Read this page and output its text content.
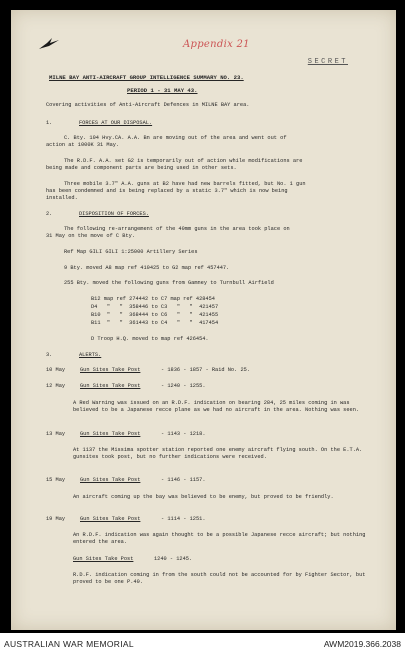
Appendix 21
SECRET
MILNE BAY ANTI-AIRCRAFT GROUP INTELLIGENCE SUMMARY NO. 23.
PERIOD 1 - 31 MAY 43.
Covering activities of Anti-Aircraft Defences in MILNE BAY area.
1.	FORCES AT OUR DISPOSAL.
C. Bty. 104 Hvy.CA. A.A. Bn are moving out of the area and went out of
action at 1000K 31 May.
The R.D.F. A.A. set G2 is temporarily out of action while modifications are
being made and component parts are being used in other sets.
Three mobile 3.7" A.A. guns at B2 have had new barrels fitted, but No. 1 gun
has been condemned and is being replaced by a static 3.7" which is now being
installed.
2.	DISPOSITION OF FORCES.
The following re-arrangement of the 40mm guns in the area took place on
31 May on the move of C Bty.
Ref Map GILI GILI 1:25000 Artillery Series
9 Bty. moved A8 map ref 410425 to G2 map ref 457447.
255 Bty. moved the following guns from Gamney to Turnbull Airfield
B12 map ref 274442 to C7 map ref 428454
D4   "   "  358446 to C3   "   "  421457
B10  "   "  368444 to C6   "   "  421455
B11  "   "  361443 to C4   "   "  417454
D Troop H.Q. moved to map ref 426454.
3.	ALERTS.
10 May	Gun Sites Take Post	- 1836 - 1857 - Raid No. 25.
12 May	Gun Sites Take Post	- 1240 - 1255.
A Red Warning was issued on an R.D.F. indication on bearing 284, 25 miles coming in was believed to be a Japanese recce plane as we had no aircraft in the area. Nothing was seen.
13 May	Gun Sites Take Post	- 1143 - 1218.
At 1137 the Missima spotter station reported one enemy aircraft flying south. On the E.T.A. gunsites took post, but no further indications were received.
15 May	Gun Sites Take Post	- 1146 - 1157.
An aircraft coming up the bay was believed to be enemy, but proved to be friendly.
19 May	Gun Sites Take Post	- 1114 - 1251.
An R.D.F. indication was again thought to be a possible Japanese recce aircraft; but nothing entered the area.
Gun Sites Take Post	1240 - 1245.
R.D.F. indication coming in from the south could not be accounted for by Fighter Sector, but proved to be one P.40.
AUSTRALIAN WAR MEMORIAL	AWM2019.366.2038
